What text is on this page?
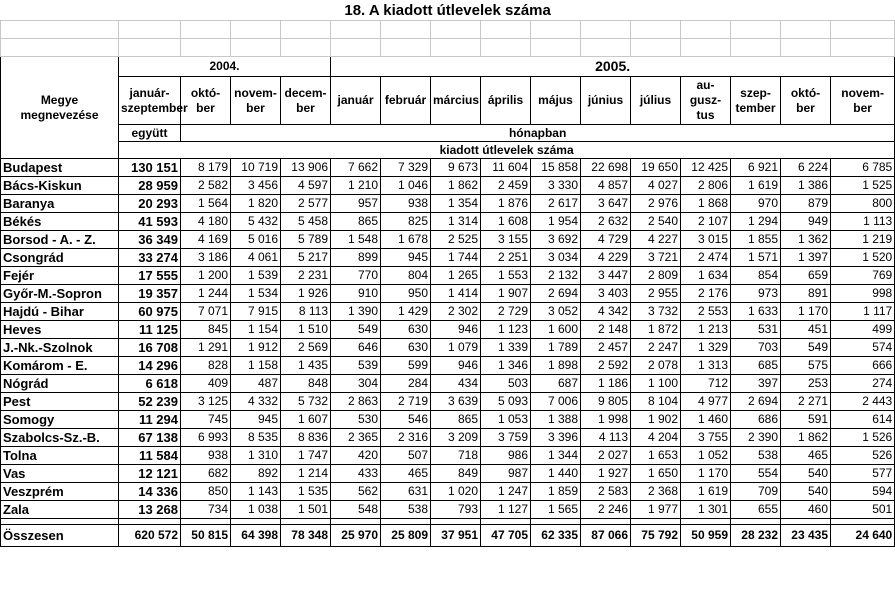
18. A kiadott útlevelek száma															

Megye megnevezése	2004.				2005.										
	január-szeptember	októ-ber	novem-ber	decem-ber	január	február	március	április	május	június	július	au-gusz-tus	szep-tember	októ-ber	novem-ber
	együtt	hónapban													
	kiadott útlevelek száma														
Budapest	130 151	8 179	10 719	13 906	7 662	7 329	9 673	11 604	15 858	22 698	19 650	12 425	6 921	6 224	6 785
Bács-Kiskun	28 959	2 582	3 456	4 597	1 210	1 046	1 862	2 459	3 330	4 857	4 027	2 806	1 619	1 386	1 525
Baranya	20 293	1 564	1 820	2 577	957	938	1 354	1 876	2 617	3 647	2 976	1 868	970	879	800
Békés	41 593	4 180	5 432	5 458	865	825	1 314	1 608	1 954	2 632	2 540	2 107	1 294	949	1 113
Borsod - A. - Z.	36 349	4 169	5 016	5 789	1 548	1 678	2 525	3 155	3 692	4 729	4 227	3 015	1 855	1 362	1 219
Csongrád	33 274	3 186	4 061	5 217	899	945	1 744	2 251	3 034	4 229	3 721	2 474	1 571	1 397	1 520
Fejér	17 555	1 200	1 539	2 231	770	804	1 265	1 553	2 132	3 447	2 809	1 634	854	659	769
Győr-M.-Sopron	19 357	1 244	1 534	1 926	910	950	1 414	1 907	2 694	3 403	2 955	2 176	973	891	998
Hajdú - Bihar	60 975	7 071	7 915	8 113	1 390	1 429	2 302	2 729	3 052	4 342	3 732	2 553	1 633	1 170	1 117
Heves	11 125	845	1 154	1 510	549	630	946	1 123	1 600	2 148	1 872	1 213	531	451	499
J.-Nk.-Szolnok	16 708	1 291	1 912	2 569	646	630	1 079	1 339	1 789	2 457	2 247	1 329	703	549	574
Komárom - E.	14 296	828	1 158	1 435	539	599	946	1 346	1 898	2 592	2 078	1 313	685	575	666
Nógrád	6 618	409	487	848	304	284	434	503	687	1 186	1 100	712	397	253	274
Pest	52 239	3 125	4 332	5 732	2 863	2 719	3 639	5 093	7 006	9 805	8 104	4 977	2 694	2 271	2 443
Somogy	11 294	745	945	1 607	530	546	865	1 053	1 388	1 998	1 902	1 460	686	591	614
Szabolcs-Sz.-B.	67 138	6 993	8 535	8 836	2 365	2 316	3 209	3 759	3 396	4 113	4 204	3 755	2 390	1 862	1 526
Tolna	11 584	938	1 310	1 747	420	507	718	986	1 344	2 027	1 653	1 052	538	465	526
Vas	12 121	682	892	1 214	433	465	849	987	1 440	1 927	1 650	1 170	554	540	577
Veszprém	14 336	850	1 143	1 535	562	631	1 020	1 247	1 859	2 583	2 368	1 619	709	540	594
Zala	13 268	734	1 038	1 501	548	538	793	1 127	1 565	2 246	1 977	1 301	655	460	501

Összesen	620 572	50 815	64 398	78 348	25 970	25 809	37 951	47 705	62 335	87 066	75 792	50 959	28 232	23 435	24 640
